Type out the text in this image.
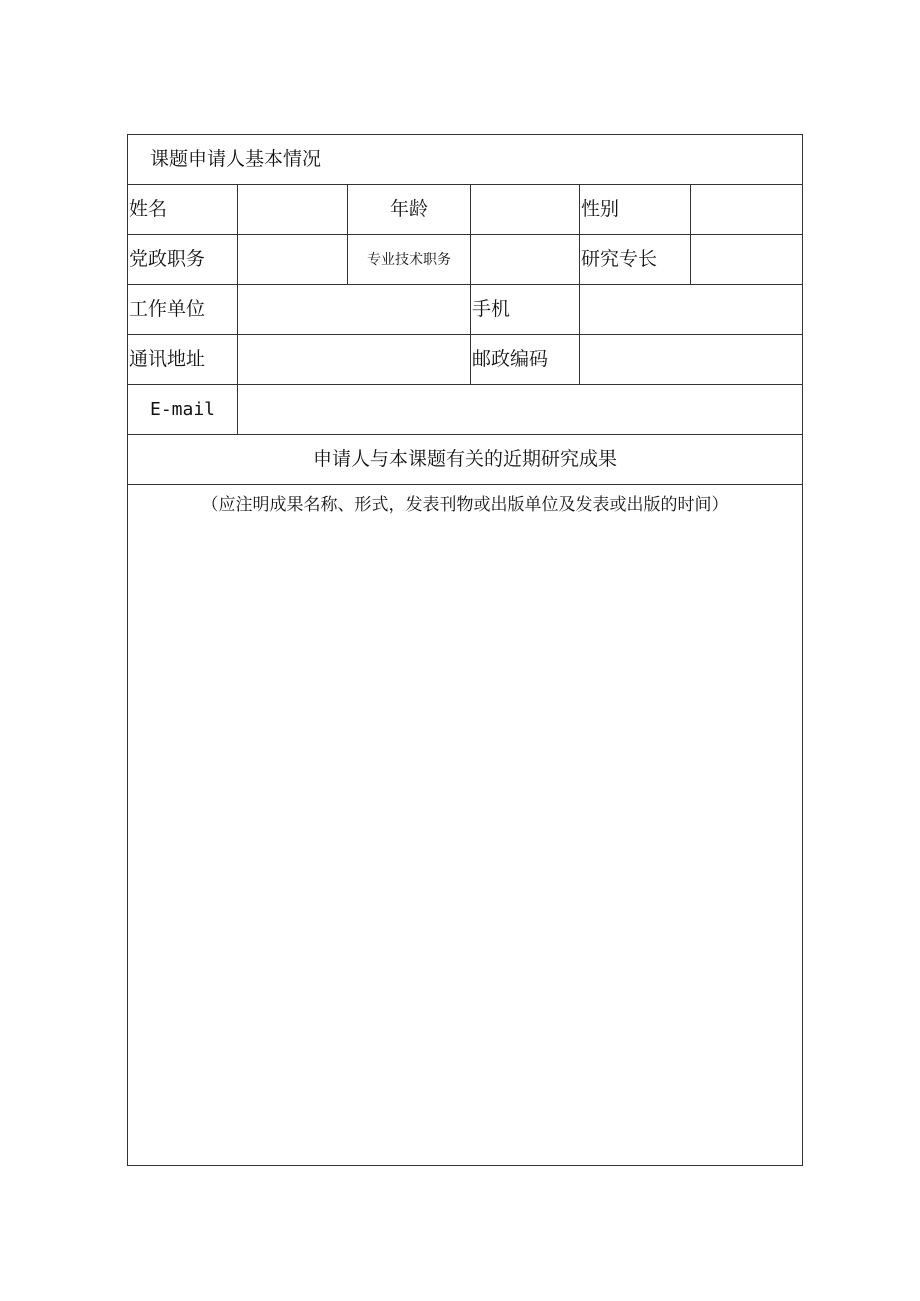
课题申请人基本情况					
姓名		年龄		性别	
党政职务		专业技术职务		研究专长	
工作单位			手机		
通讯地址			邮政编码		
E-mail					
申请人与本课题有关的近期研究成果					

（应注明成果名称、形式，发表刊物或出版单位及发表或出版的时间）					
